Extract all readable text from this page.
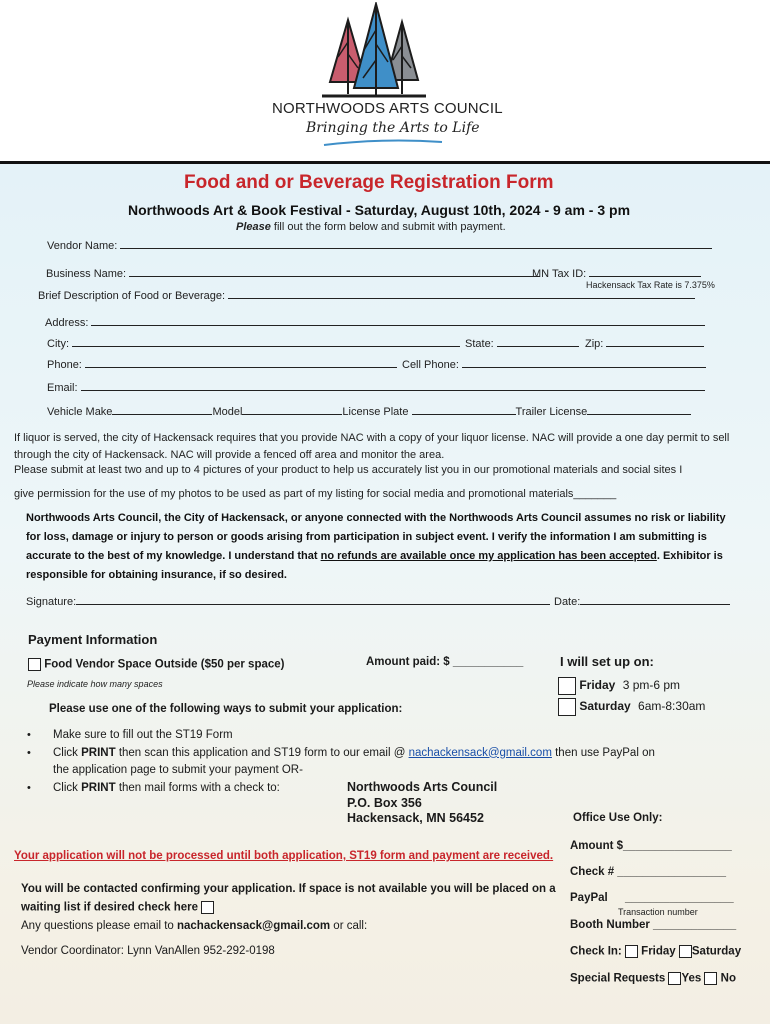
NORTHWOODS ARTS COUNCIL
Bringing the Arts to Life
Food and or Beverage Registration Form
Northwoods Art & Book Festival - Saturday, August 10th, 2024 - 9 am - 3 pm
Please fill out the form below and submit with payment.
Vendor Name:
Business Name:	MN Tax ID:
Hackensack Tax Rate is 7.375%
Brief Description of Food or Beverage:
Address:
City:	State:	Zip:
Phone:	Cell Phone:
Email:
Vehicle Make	Model	License Plate	Trailer License
If liquor is served, the city of Hackensack requires that you provide NAC with a copy of your liquor license. NAC will provide a one day permit to sell through the city of Hackensack. NAC will provide a fenced off area and monitor the area.
Please submit at least two and up to 4 pictures of your product to help us accurately list you in our promotional materials and social sites I
give permission for the use of my photos to be used as part of my listing for social media and promotional materials_______
Northwoods Arts Council, the City of Hackensack, or anyone connected with the Northwoods Arts Council assumes no risk or liability for loss, damage or injury to person or goods arising from participation in subject event. I verify the information I am submitting is accurate to the best of my knowledge. I understand that no refunds are available once my application has been accepted. Exhibitor is responsible for obtaining insurance, if so desired.
Signature:	Date:
Payment Information
Food Vendor Space Outside ($50 per space)
Please indicate how many spaces
Amount paid: $ ___________	I will set up on:
Friday 3 pm-6 pm
Saturday 6am-8:30am
Please use one of the following ways to submit your application:
• Make sure to fill out the ST19 Form
• Click PRINT then scan this application and ST19 form to our email @ nachackensack@gmail.com then use PayPal on
the application page to submit your payment OR-
• Click PRINT then mail forms with a check to:	Northwoods Arts Council
P.O. Box 356
Hackensack, MN 56452
Your application will not be processed until both application, ST19 form and payment are received.
You will be contacted confirming your application. If space is not available you will be placed on a
waiting list if desired check here
Any questions please email to nachackensack@gmail.com or call:
Vendor Coordinator: Lynn VanAllen 952-292-0198
Office Use Only:
Amount $_________________
Check # _________________
PayPal _________________
Transaction number
Booth Number _____________
Check In: Friday Saturday
Special Requests Yes No
